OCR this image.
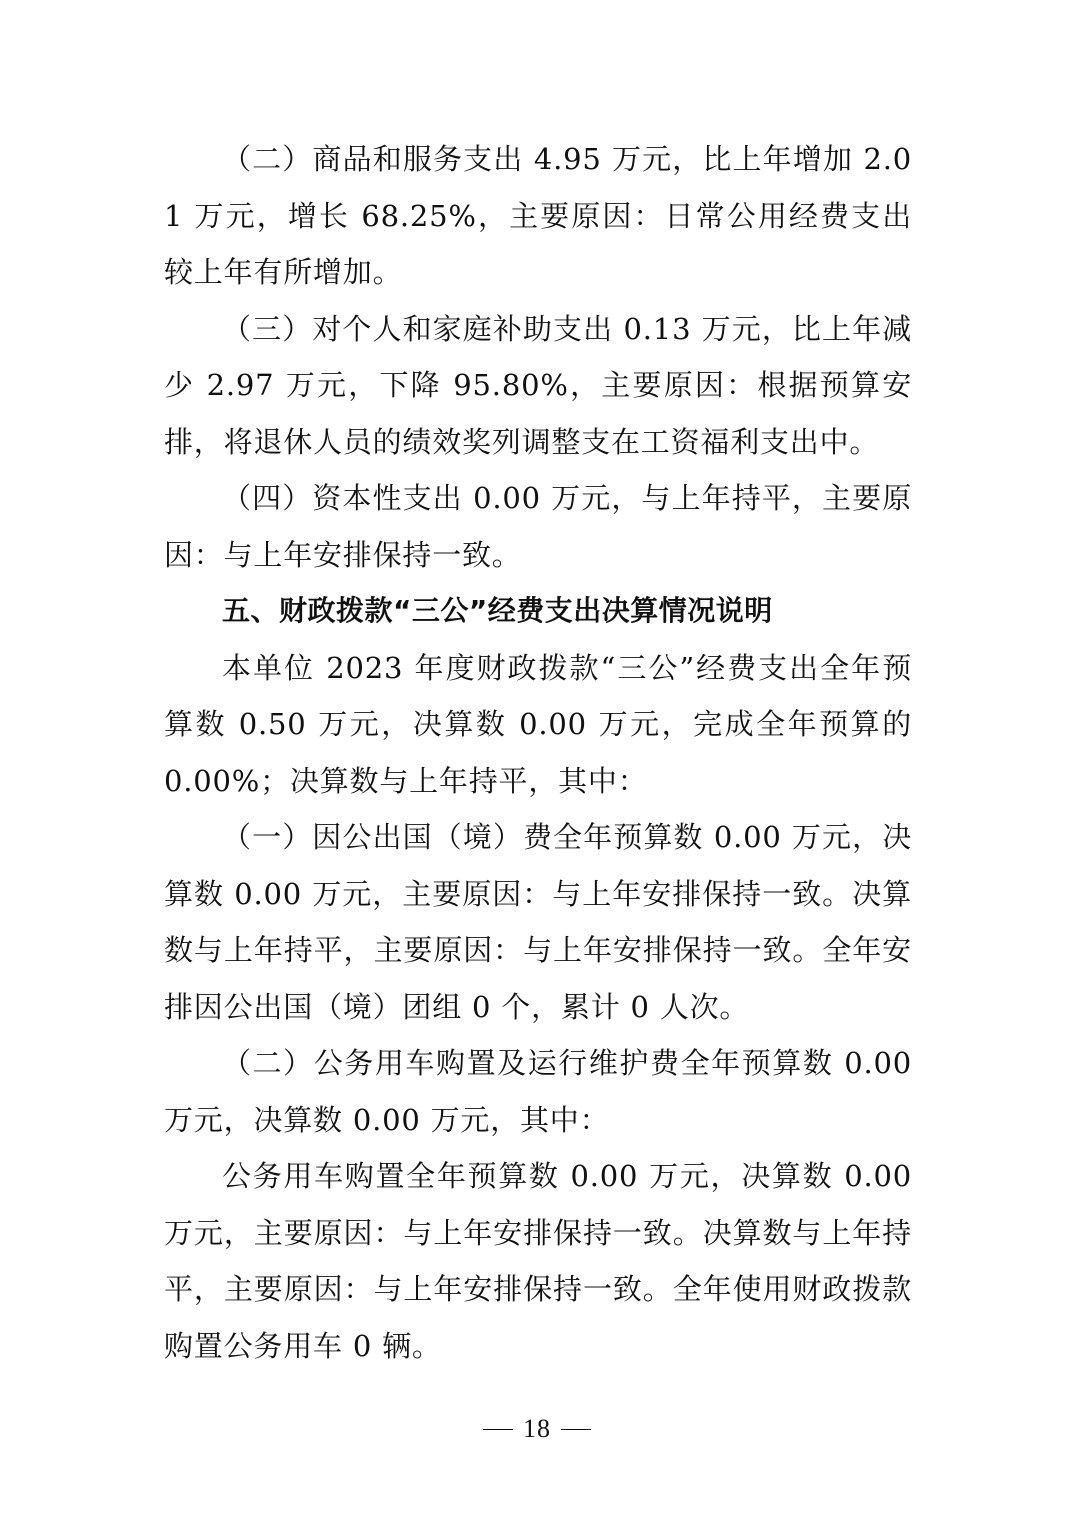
（二）商品和服务支出 4.95 万元，比上年增加 2.01 万元，增长 68.25%，主要原因：日常公用经费支出较上年有所增加。

（三）对个人和家庭补助支出 0.13 万元，比上年减少 2.97 万元，下降 95.80%，主要原因：根据预算安排，将退休人员的绩效奖列调整支在工资福利支出中。

（四）资本性支出 0.00 万元，与上年持平，主要原因：与上年安排保持一致。

五、财政拨款“三公”经费支出决算情况说明

本单位 2023 年度财政拨款“三公”经费支出全年预算数 0.50 万元，决算数 0.00 万元，完成全年预算的 0.00%；决算数与上年持平，其中：

（一）因公出国（境）费全年预算数 0.00 万元，决算数 0.00 万元，主要原因：与上年安排保持一致。决算数与上年持平，主要原因：与上年安排保持一致。全年安排因公出国（境）团组 0 个，累计 0 人次。

（二）公务用车购置及运行维护费全年预算数 0.00 万元，决算数 0.00 万元，其中：

公务用车购置全年预算数 0.00 万元，决算数 0.00 万元，主要原因：与上年安排保持一致。决算数与上年持平，主要原因：与上年安排保持一致。全年使用财政拨款购置公务用车 0 辆。

18
